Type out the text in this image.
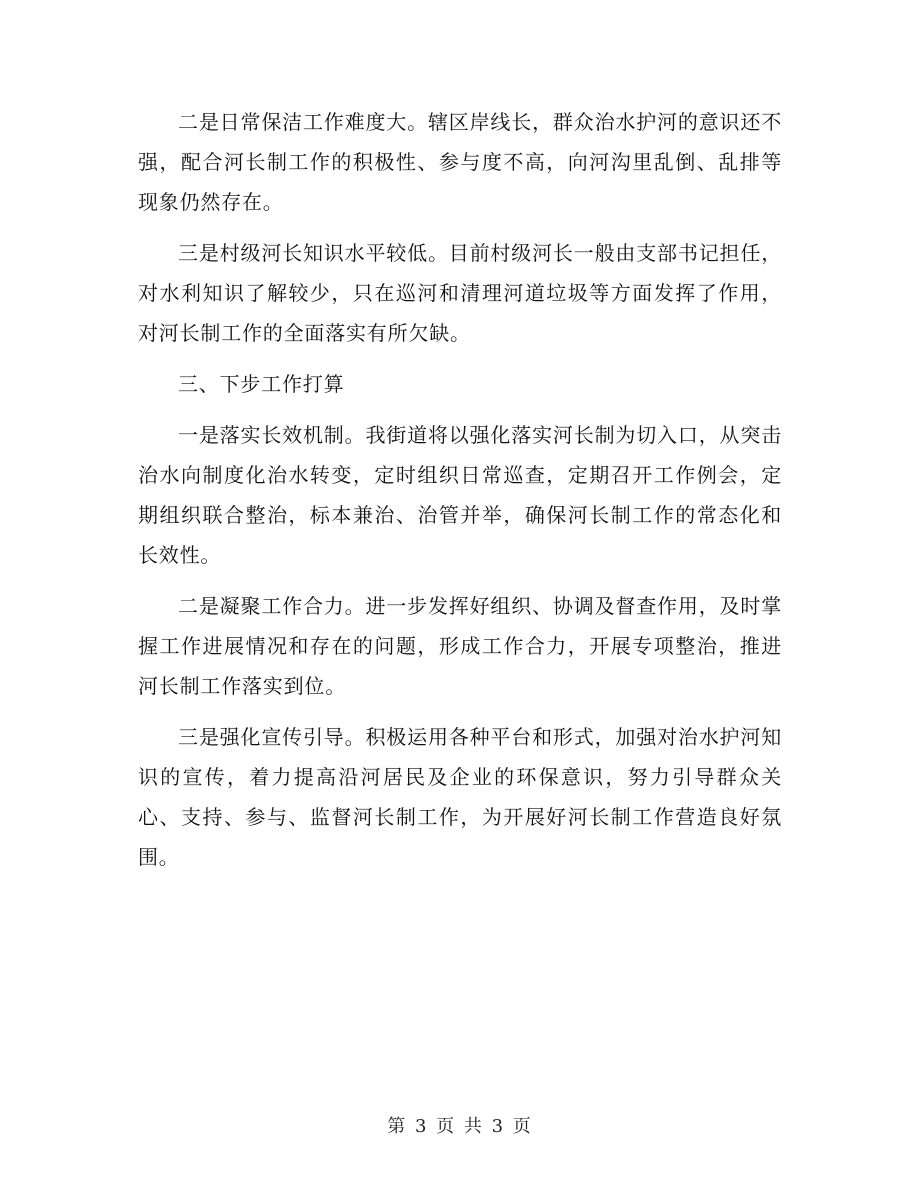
二是日常保洁工作难度大。辖区岸线长，群众治水护河的意识还不强，配合河长制工作的积极性、参与度不高，向河沟里乱倒、乱排等现象仍然存在。

三是村级河长知识水平较低。目前村级河长一般由支部书记担任，对水利知识了解较少，只在巡河和清理河道垃圾等方面发挥了作用，对河长制工作的全面落实有所欠缺。

三、下步工作打算

一是落实长效机制。我街道将以强化落实河长制为切入口，从突击治水向制度化治水转变，定时组织日常巡查，定期召开工作例会，定期组织联合整治，标本兼治、治管并举，确保河长制工作的常态化和长效性。

二是凝聚工作合力。进一步发挥好组织、协调及督查作用，及时掌握工作进展情况和存在的问题，形成工作合力，开展专项整治，推进河长制工作落实到位。

三是强化宣传引导。积极运用各种平台和形式，加强对治水护河知识的宣传，着力提高沿河居民及企业的环保意识，努力引导群众关心、支持、参与、监督河长制工作，为开展好河长制工作营造良好氛围。

第 3 页 共 3 页
